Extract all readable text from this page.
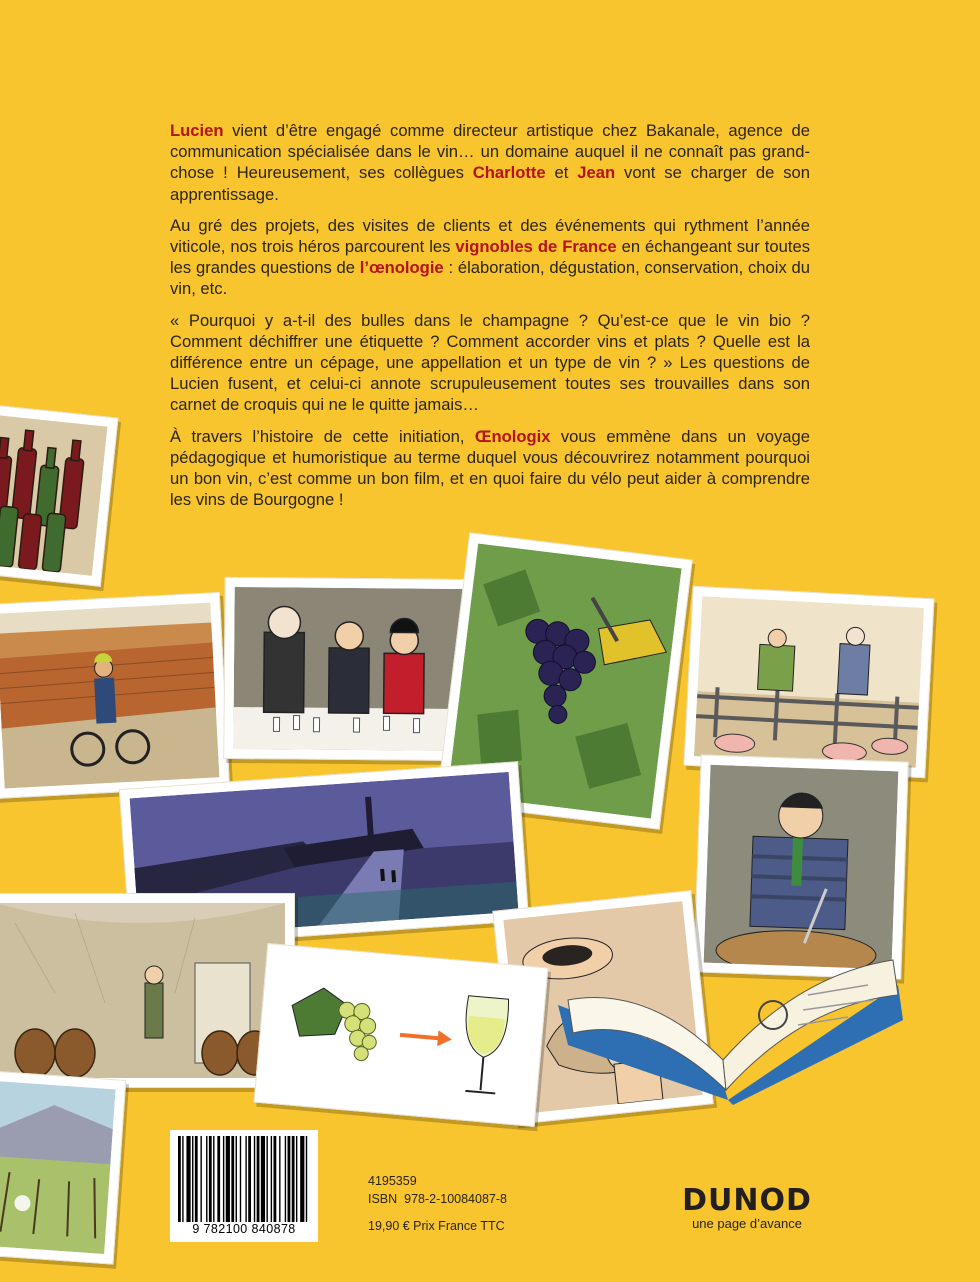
Lucien vient d’être engagé comme directeur artistique chez Bakanale, agence de communication spécialisée dans le vin… un domaine auquel il ne connaît pas grand-chose ! Heureusement, ses collègues Charlotte et Jean vont se charger de son apprentissage.

Au gré des projets, des visites de clients et des événements qui rythment l’année viticole, nos trois héros parcourent les vignobles de France en échangeant sur toutes les grandes questions de l’œnologie : élaboration, dégustation, conservation, choix du vin, etc.

« Pourquoi y a-t-il des bulles dans le champagne ? Qu’est-ce que le vin bio ? Comment déchiffrer une étiquette ? Comment accorder vins et plats ? Quelle est la différence entre un cépage, une appellation et un type de vin ? » Les questions de Lucien fusent, et celui-ci annote scrupuleusement toutes ses trouvailles dans son carnet de croquis qui ne le quitte jamais…

À travers l’histoire de cette initiation, Œnologix vous emmène dans un voyage pédagogique et humoristique au terme duquel vous découvrirez notamment pourquoi un bon vin, c’est comme un bon film, et en quoi faire du vélo peut aider à comprendre les vins de Bourgogne !

9 782100 840878
4195359
ISBN  978-2-10084087-8
19,90 € Prix France TTC
DUNOD
une page d’avance
